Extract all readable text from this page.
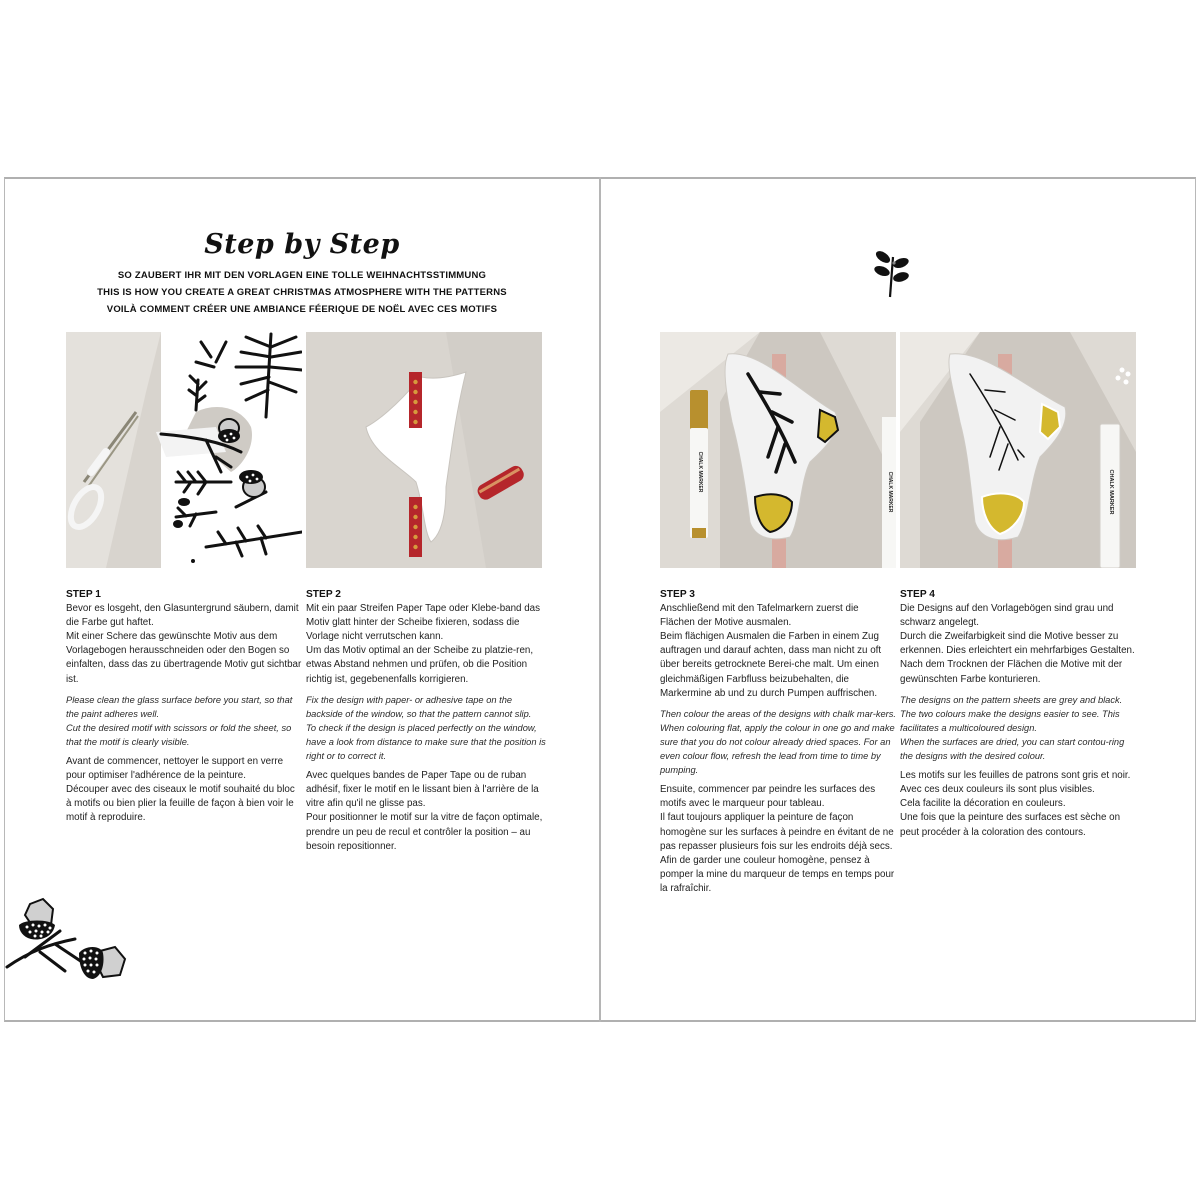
Step by Step
SO ZAUBERT IHR MIT DEN VORLAGEN EINE TOLLE WEIHNACHTSSTIMMUNG
THIS IS HOW YOU CREATE A GREAT CHRISTMAS ATMOSPHERE WITH THE PATTERNS
VOILÀ COMMENT CRÉER UNE AMBIANCE FÉERIQUE DE NOËL AVEC CES MOTIFS
STEP 1

Bevor es losgeht, den Glasuntergrund säubern, damit die Farbe gut haftet.
Mit einer Schere das gewünschte Motiv aus dem Vorlagebogen herausschneiden oder den Bogen so einfalten, dass das zu übertragende Motiv gut sichtbar ist.

Please clean the glass surface before you start, so that the paint adheres well.
Cut the desired motif with scissors or fold the sheet, so that the motif is clearly visible.

Avant de commencer, nettoyer le support en verre pour optimiser l'adhérence de la peinture.
Découper avec des ciseaux le motif souhaité du bloc à motifs ou bien plier la feuille de façon à bien voir le motif à reproduire.

STEP 2

Mit ein paar Streifen Paper Tape oder Klebe-band das Motiv glatt hinter der Scheibe fixieren, sodass die Vorlage nicht verrutschen kann.
Um das Motiv optimal an der Scheibe zu platzie-ren, etwas Abstand nehmen und prüfen, ob die Position richtig ist, gegebenenfalls korrigieren.

Fix the design with paper- or adhesive tape on the backside of the window, so that the pattern cannot slip.
To check if the design is placed perfectly on the window, have a look from distance to make sure that the position is right or to correct it.

Avec quelques bandes de Paper Tape ou de ruban adhésif, fixer le motif en le lissant bien à l'arrière de la vitre afin qu'il ne glisse pas.
Pour positionner le motif sur la vitre de façon optimale, prendre un peu de recul et contrôler la position – au besoin repositionner.

CHALK MARKER	CHALK MARKER	CHALK MARKER
STEP 3

Anschließend mit den Tafelmarkern zuerst die Flächen der Motive ausmalen.
Beim flächigen Ausmalen die Farben in einem Zug auftragen und darauf achten, dass man nicht zu oft über bereits getrocknete Berei-che malt. Um einen gleichmäßigen Farbfluss beizubehalten, die Markermine ab und zu durch Pumpen auffrischen.

Then colour the areas of the designs with chalk mar-kers. When colouring flat, apply the colour in one go and make sure that you do not colour already dried spaces. For an even colour flow, refresh the lead from time to time by pumping.

Ensuite, commencer par peindre les surfaces des motifs avec le marqueur pour tableau.
Il faut toujours appliquer la peinture de façon homogène sur les surfaces à peindre en évitant de ne pas repasser plusieurs fois sur les endroits déjà secs.
Afin de garder une couleur homogène, pensez à pomper la mine du marqueur de temps en temps pour la rafraîchir.

STEP 4

Die Designs auf den Vorlagebögen sind grau und schwarz angelegt.
Durch die Zweifarbigkeit sind die Motive besser zu erkennen. Dies erleichtert ein mehrfarbiges Gestalten. Nach dem Trocknen der Flächen die Motive mit der gewünschten Farbe konturieren.

The designs on the pattern sheets are grey and black. The two colours make the designs easier to see. This facilitates a multicoloured design.
When the surfaces are dried, you can start contou-ring the designs with the desired colour.

Les motifs sur les feuilles de patrons sont gris et noir.
Avec ces deux couleurs ils sont plus visibles.
Cela facilite la décoration en couleurs.
Une fois que la peinture des surfaces est sèche on peut procéder à la coloration des contours.
